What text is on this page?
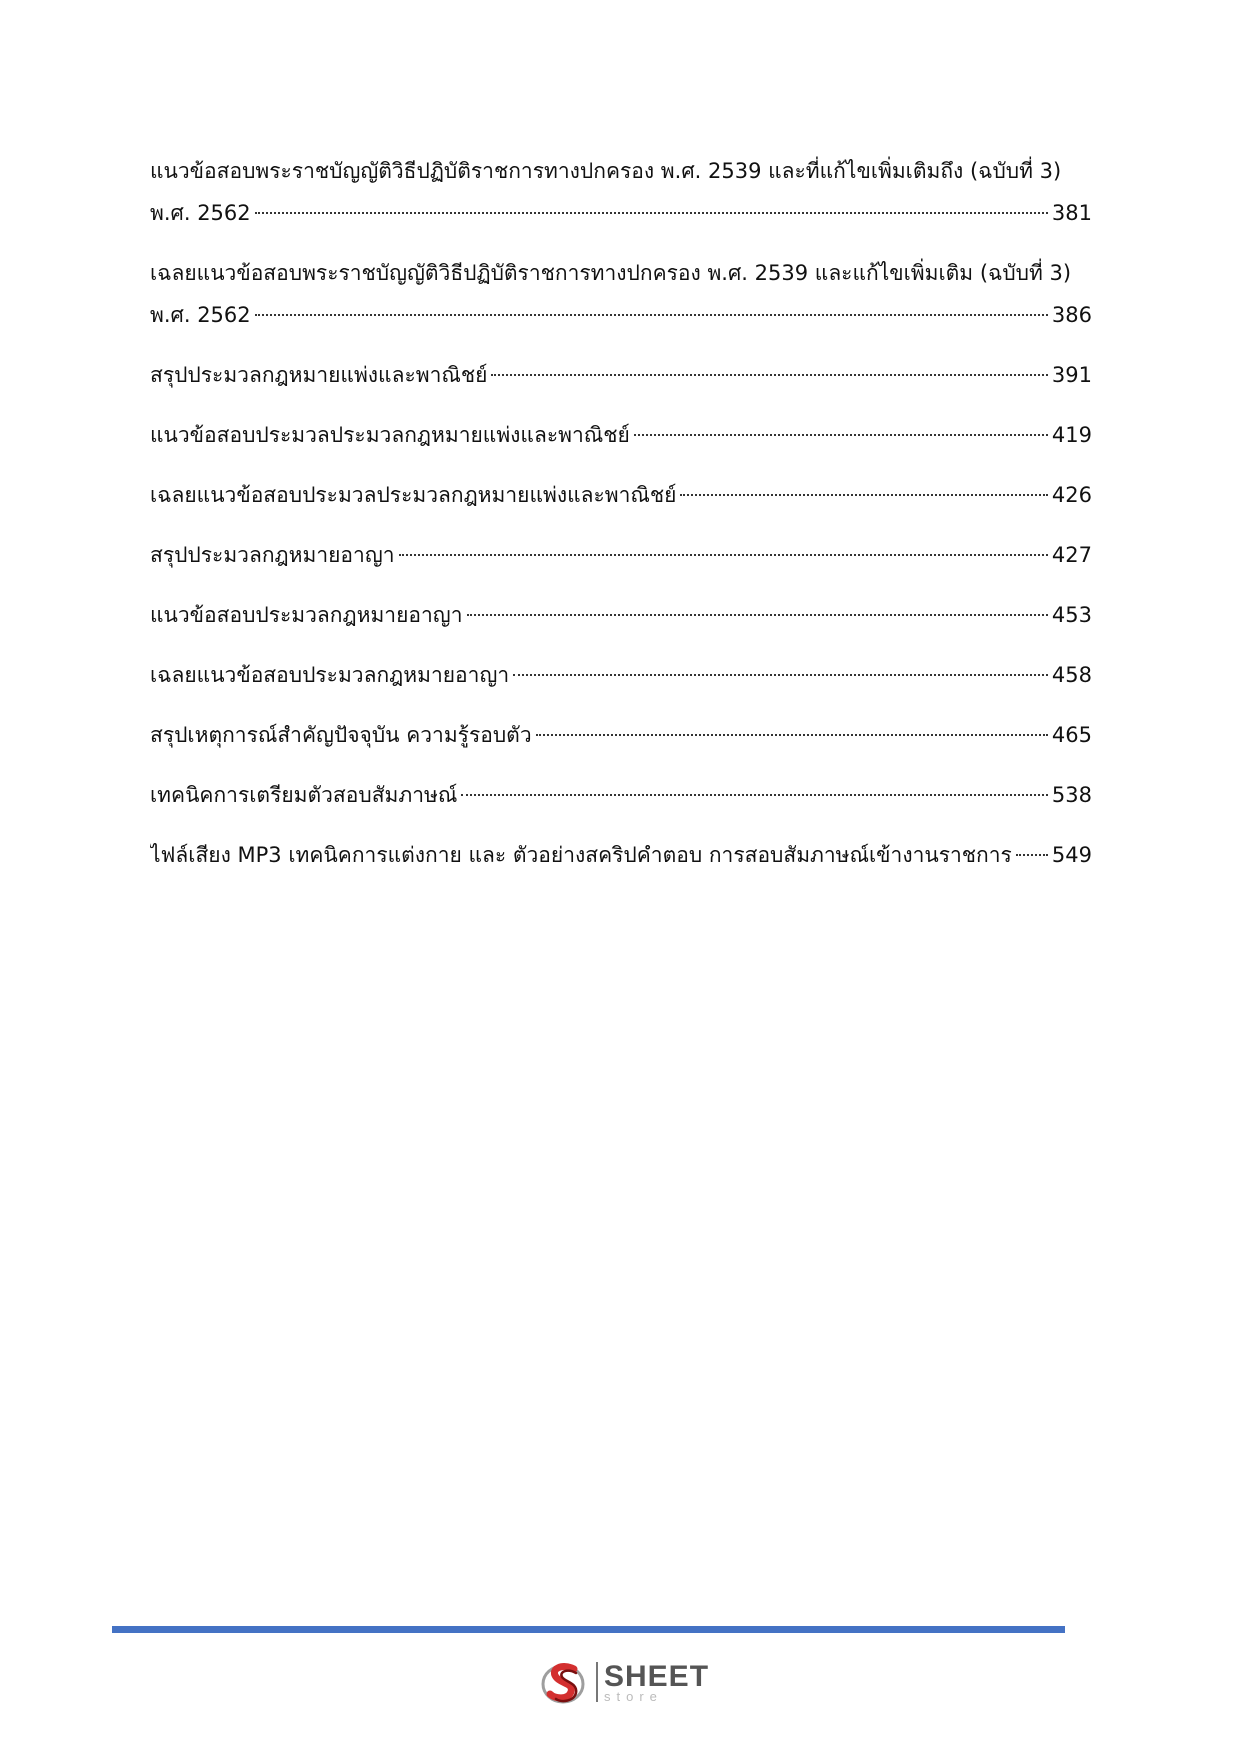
แนวข้อสอบพระราชบัญญัติวิธีปฏิบัติราชการทางปกครอง พ.ศ. 2539 และที่แก้ไขเพิ่มเติมถึง (ฉบับที่ 3)
พ.ศ. 2562	381
เฉลยแนวข้อสอบพระราชบัญญัติวิธีปฏิบัติราชการทางปกครอง พ.ศ. 2539 และแก้ไขเพิ่มเติม (ฉบับที่ 3)
พ.ศ. 2562	386
สรุปประมวลกฎหมายแพ่งและพาณิชย์	391
แนวข้อสอบประมวลประมวลกฎหมายแพ่งและพาณิชย์	419
เฉลยแนวข้อสอบประมวลประมวลกฎหมายแพ่งและพาณิชย์	426
สรุปประมวลกฎหมายอาญา	427
แนวข้อสอบประมวลกฎหมายอาญา	453
เฉลยแนวข้อสอบประมวลกฎหมายอาญา	458
สรุปเหตุการณ์สำคัญปัจจุบัน ความรู้รอบตัว	465
เทคนิคการเตรียมตัวสอบสัมภาษณ์	538
ไฟล์เสียง MP3 เทคนิคการแต่งกาย และ ตัวอย่างสคริปคำตอบ การสอบสัมภาษณ์เข้างานราชการ 549
SHEET
store
